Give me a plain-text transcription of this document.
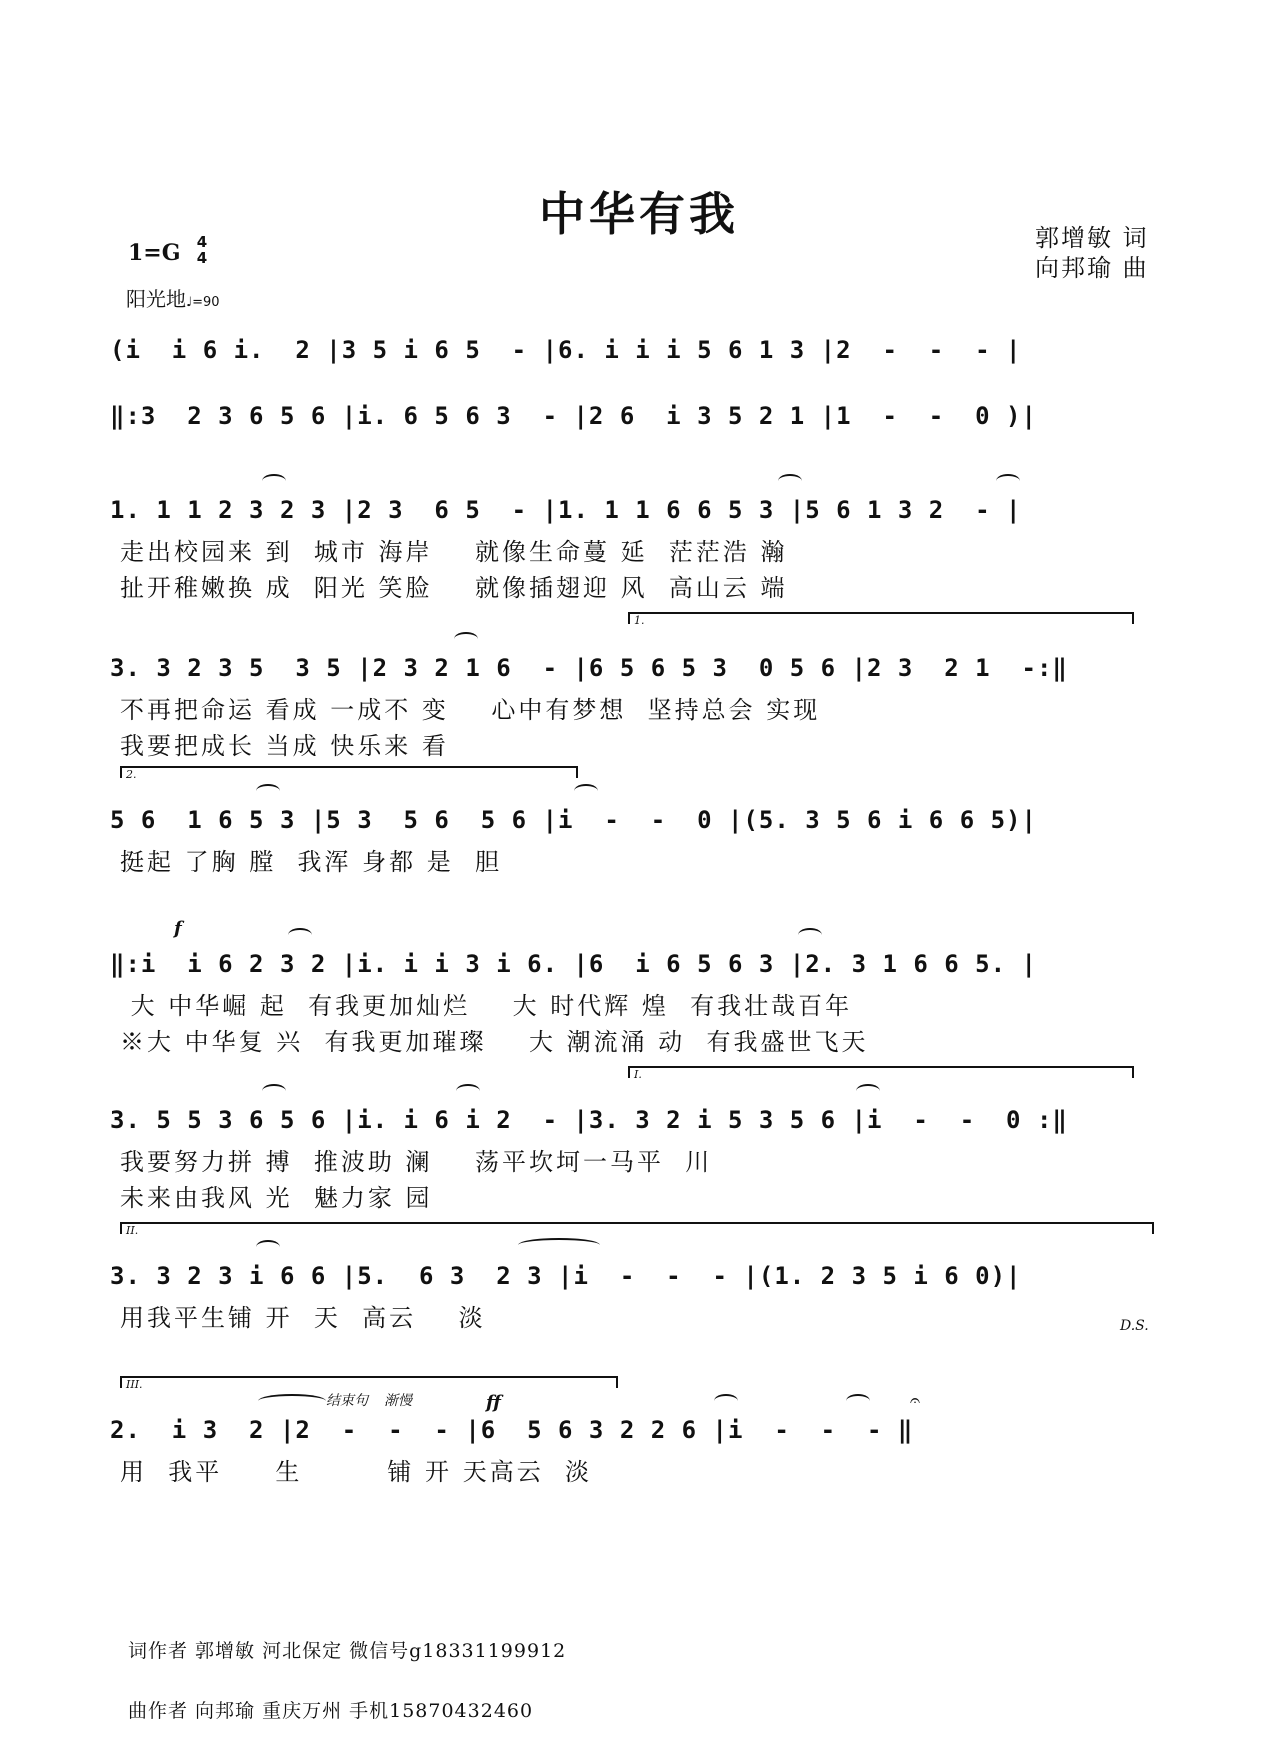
中华有我	郭增敏 词
向邦瑜 曲
1=G 4
4
阳光地♩=90
(i  i 6 i.  2 |3 5 i 6 5  - |6. i i i 5 6 1 3 |2  -  -  - |
‖:3  2 3 6 5 6 |i. 6 5 6 3  - |2 6  i 3 5 2 1 |1  -  -  0 )|
1. 1 1 2 3 2 3 |2 3  6 5  - |1. 1 1 6 6 5 3 |5 6 1 3 2  - |
走出校园来 到  城市 海岸    就像生命蔓 延  茫茫浩 瀚
扯开稚嫩换 成  阳光 笑脸    就像插翅迎 风  高山云 端
1.
3. 3 2 3 5  3 5 |2 3 2 1 6  - |6 5 6 5 3  0 5 6 |2 3  2 1  -:‖
不再把命运 看成 一成不 变    心中有梦想  坚持总会 实现
我要把成长 当成 快乐来 看
2.
5 6  1 6 5 3 |5 3  5 6  5 6 |i  -  -  0 |(5. 3 5 6 i 6 6 5)|
挺起 了胸 膛  我浑 身都 是  胆
f
‖:i  i 6 2 3 2 |i. i i 3 i 6. |6  i 6 5 6 3 |2. 3 1 6 6 5. |
大 中华崛 起  有我更加灿烂    大 时代辉 煌  有我壮哉百年
※大 中华复 兴  有我更加璀璨    大 潮流涌 动  有我盛世飞天
I.
3. 5 5 3 6 5 6 |i. i 6 i 2  - |3. 3 2 i 5 3 5 6 |i  -  -  0 :‖
我要努力拼 搏  推波助 澜    荡平坎坷一马平  川
未来由我风 光  魅力家 园
II.
3. 3 2 3 i 6 6 |5.  6 3  2 3 |i  -  -  - |(1. 2 3 5 i 6 0)|
用我平生铺 开  天  高云    淡	D.S.
III.
结束句 渐慢	ff	𝄐
2.  i 3  2 |2  -  -  - |6  5 6 3 2 2 6 |i  -  -  - ‖
用  我平     生        铺 开 天高云  淡
词作者 郭增敏 河北保定 微信号g18331199912
曲作者 向邦瑜 重庆万州 手机15870432460
